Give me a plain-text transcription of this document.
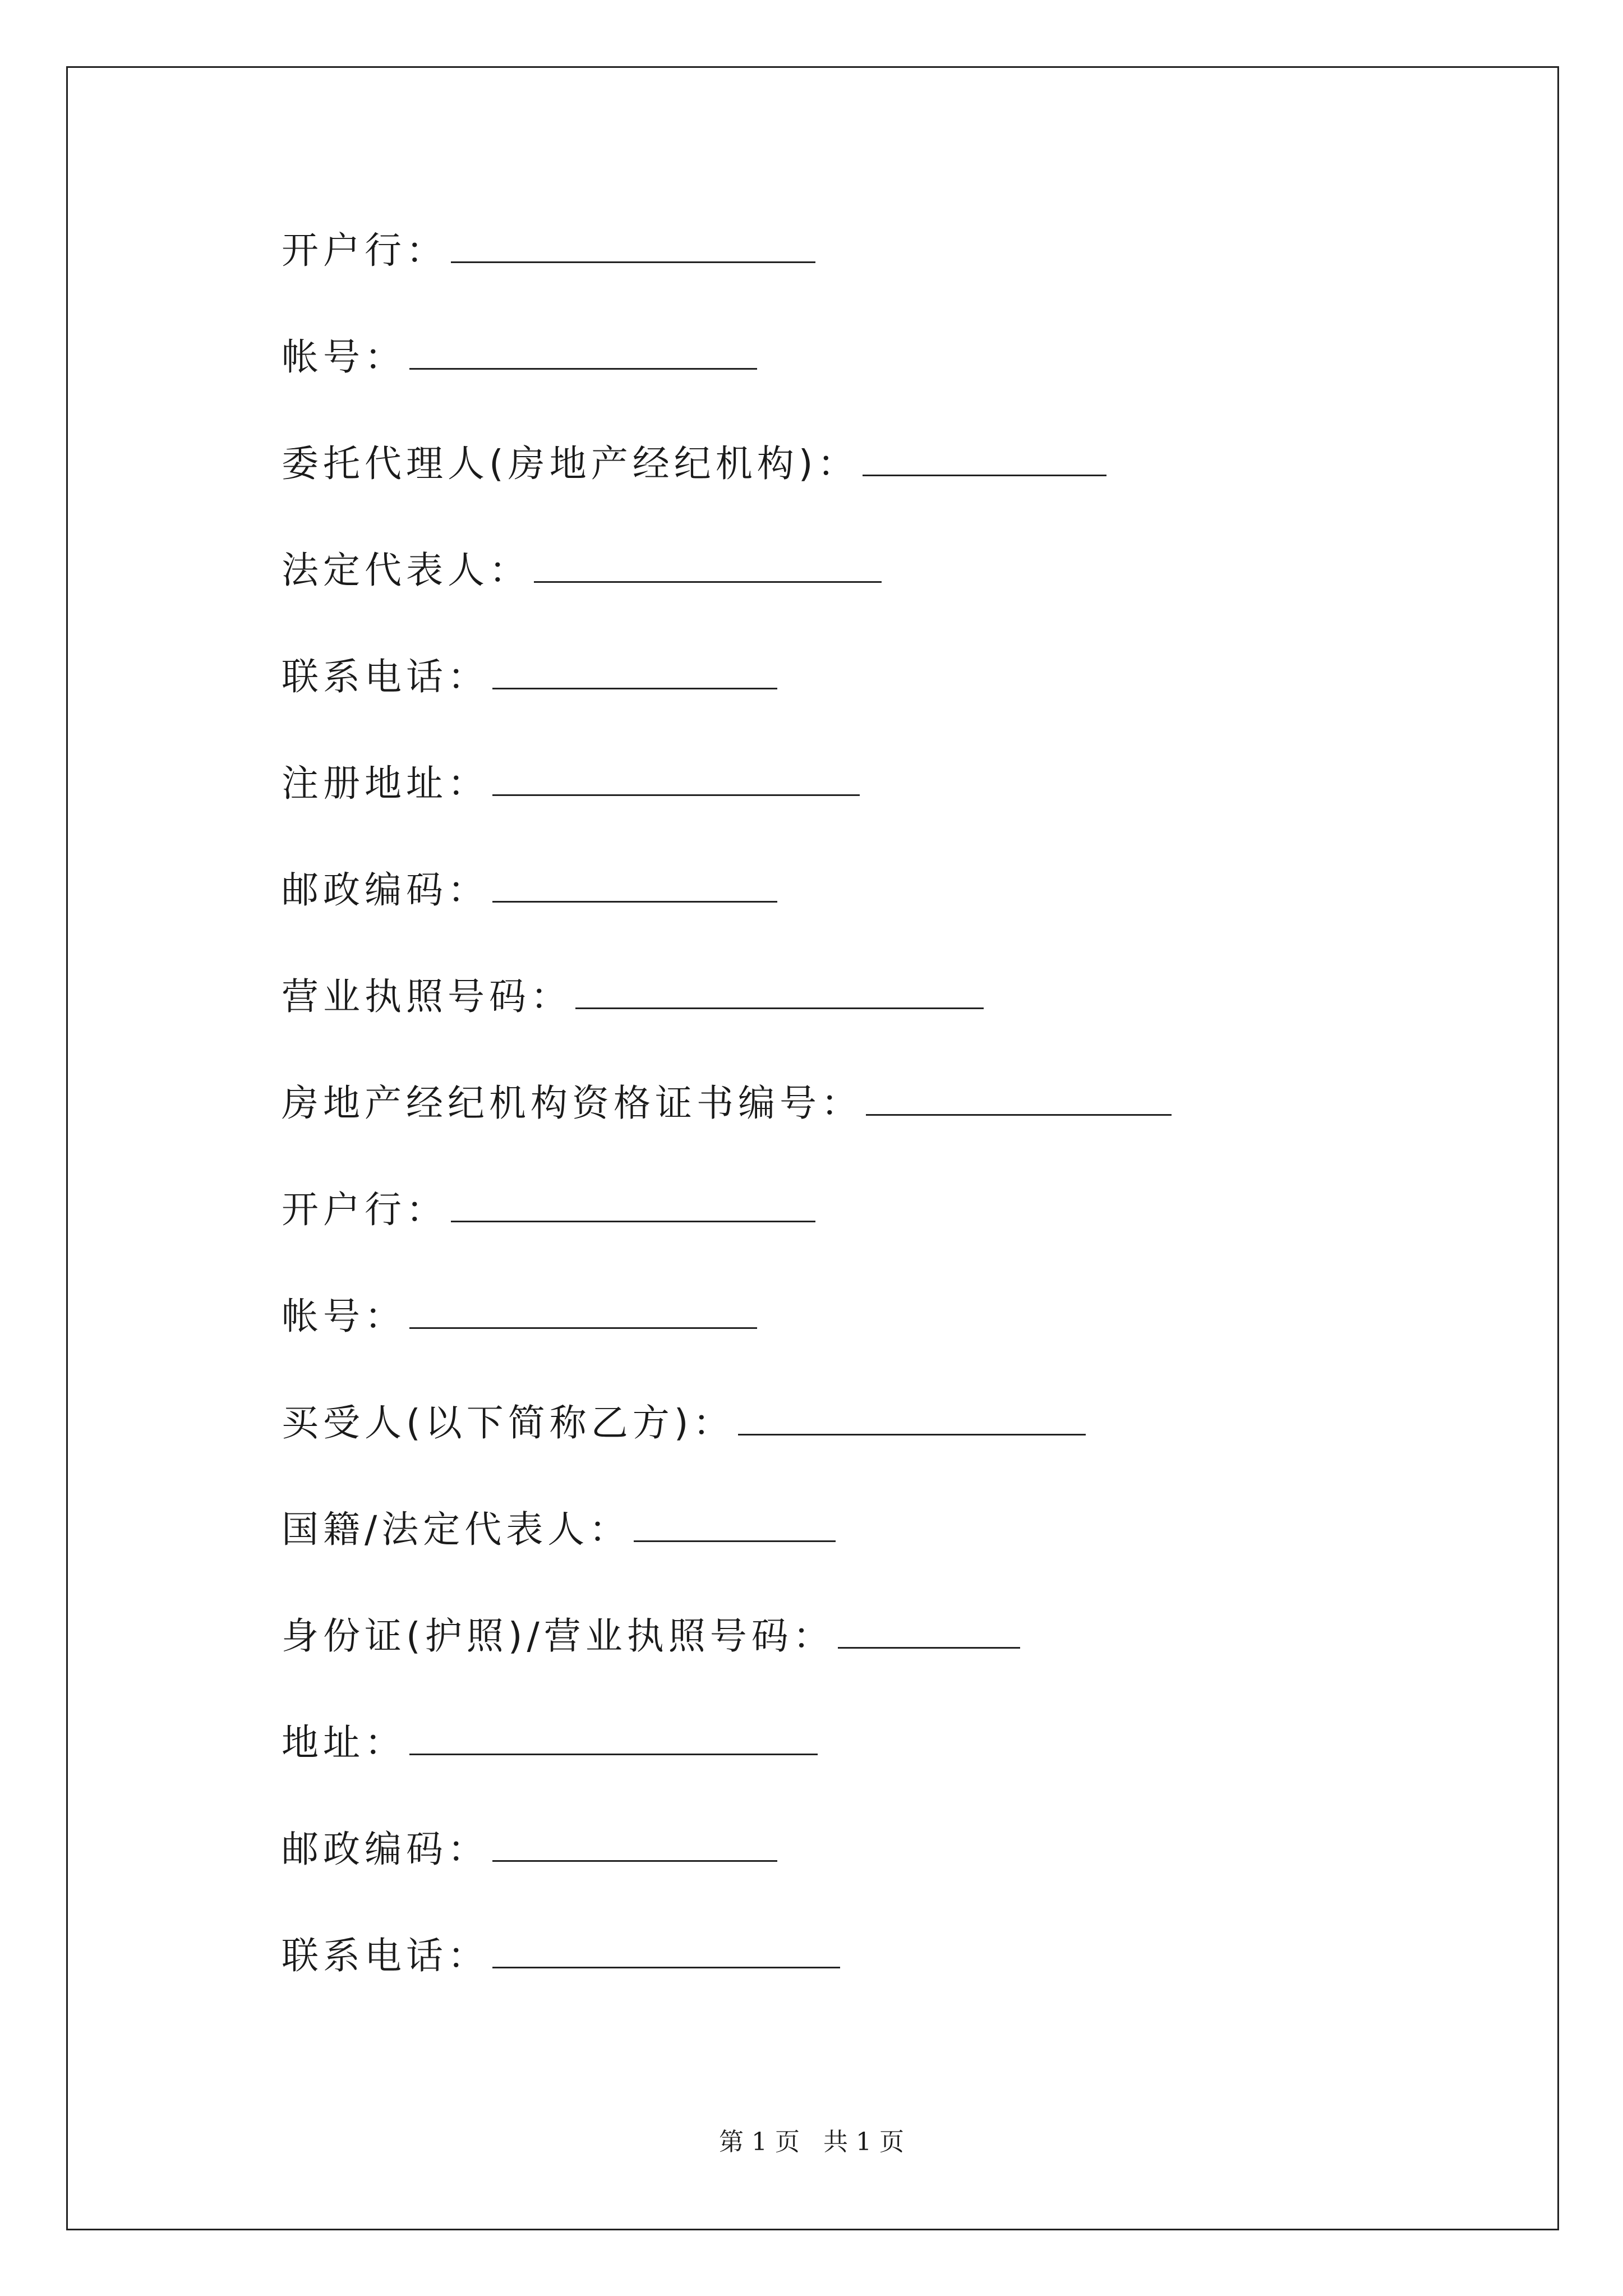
开户行：
帐号：
委托代理人(房地产经纪机构)：
法定代表人：
联系电话：
注册地址：
邮政编码：
营业执照号码：
房地产经纪机构资格证书编号：
开户行：
帐号：
买受人(以下简称乙方)：
国籍/法定代表人：
身份证(护照)/营业执照号码：
地址：
邮政编码：
联系电话：
第 1 页   共 1 页
